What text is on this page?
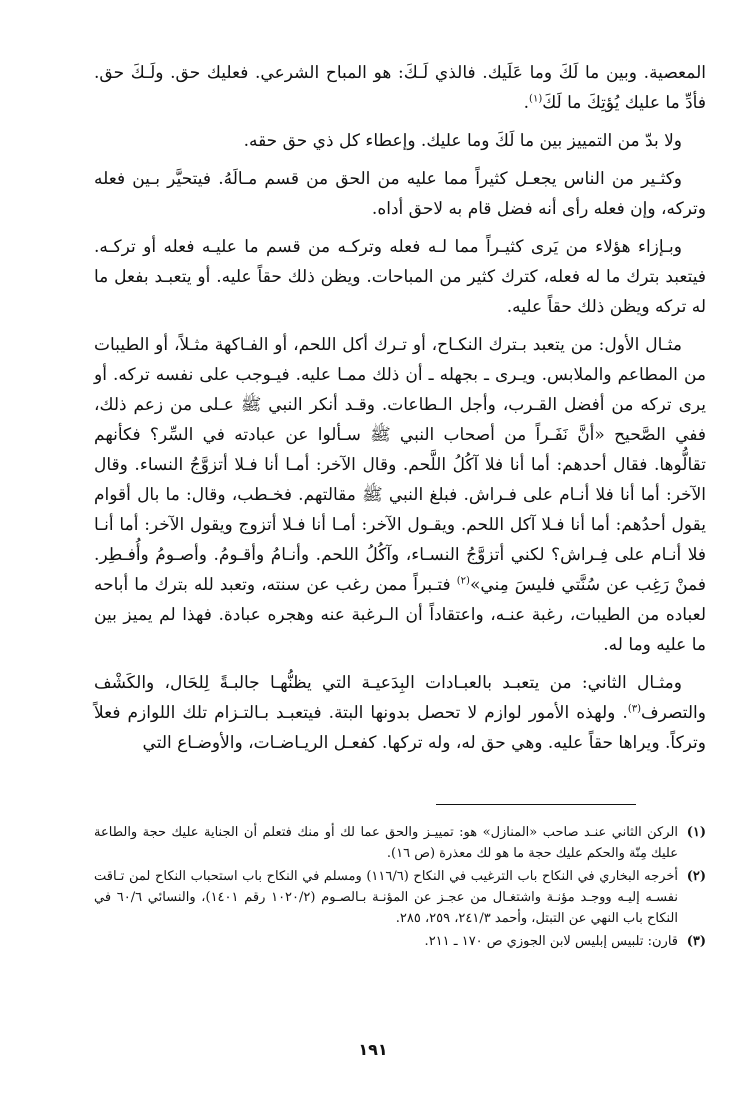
المعصية. وبين ما لَكَ وما عَلَيك. فالذي لَـكَ: هو المباح الشرعي. فعليك حق. ولَـكَ حق. فأدِّ ما عليك يُؤتِكَ ما لَكَ$^{(١)}$.

ولا بدّ من التمييز بين ما لَكَ وما عليك. وإعطاء كل ذي حق حقه.

وكثـير من الناس يجعـل كثيراً مما عليه من الحق من قسم مـالَهُ. فيتحيَّر بـين فعله وتركه، وإن فعله رأى أنه فضل قام به لاحق أداه.

وبـإزاء هؤلاء من يَرى كثيـراً مما لـه فعله وتركـه من قسم ما عليـه فعله أو تركـه. فيتعبد بترك ما له فعله، كترك كثير من المباحات. ويظن ذلك حقاً عليه. أو يتعبـد بفعل ما له تركه ويظن ذلك حقاً عليه.

مثـال الأول: من يتعبد بـترك النكـاح، أو تـرك أكل اللحم، أو الفـاكهة مثـلاً، أو الطيبات من المطاعم والملابس. ويـرى ـ بجهله ـ أن ذلك ممـا عليه. فيـوجب على نفسه تركه. أو يرى تركه من أفضل القـرب، وأجل الـطاعات. وقـد أنكر النبي ﷺ عـلى من زعم ذلك، ففي الصَّحيح «أنَّ نَفَـراً من أصحاب النبي ﷺ سـألوا عن عبادته في السِّر؟ فكأنهم تقالُّوها. فقال أحدهم: أما أنا فلا آكُلُ اللَّحم. وقال الآخر: أمـا أنا فـلا أتزوَّجُ النساء. وقال الآخر: أما أنا فلا أنـام على فـراش. فبلغ النبي ﷺ مقالتهم. فخـطب، وقال: ما بال أقوام يقول أحدُهم: أما أنا فـلا آكل اللحم. ويقـول الآخر: أمـا أنا فـلا أتزوج ويقول الآخر: أما أنـا فلا أنـام على فِـراش؟ لكني أتزوَّجُ النسـاء، وآكُلُ اللحم. وأنـامُ وأقـومُ. وأصـومُ وأُفـطِر. فمنْ رَغِب عن سُنَّتي فليسَ مِني»$^{(٢)}$ فتـبراً ممن رغب عن سنته، وتعبد لله بترك ما أباحه لعباده من الطيبات، رغبة عنـه، واعتقاداً أن الـرغبة عنه وهجره عبادة. فهذا لم يميز بين ما عليه وما له.

ومثـال الثاني: من يتعبـد بالعبـادات البِدَعيـة التي يظنُّهـا جالبـةً لِلحَال، والكَشْف والتصرف$^{(٣)}$. ولهذه الأمور لوازم لا تحصل بدونها البتة. فيتعبـد بـالتـزام تلك اللوازم فعلاً وتركاً. ويراها حقاً عليه. وهي حق له، وله تركها. كفعـل الريـاضـات، والأوضـاع التي

(١)
الركن الثاني عنـد صاحب «المنازل» هو: تمييـز والحق عما لك أو منك فتعلم أن الجناية عليك حجة والطاعة عليك مِنّة والحكم عليك حجة ما هو لك معذرة (ص ١٦).
(٢)
أخرجه البخاري في النكاح باب الترغيب في النكاح (١١٦/٦) ومسلم في النكاح باب استحباب النكاح لمن تـاقت نفسـه إليـه ووجـد مؤنـة واشتغـال من عجـز عن المؤنـة بـالصـوم (١٠٢٠/٢ رقم ١٤٠١)، والنسائي ٦٠/٦ في النكاح باب النهي عن التبتل، وأحمد ٢٤١/٣، ٢٥٩، ٢٨٥.
(٣)
قارن: تلبيس إبليس لابن الجوزي ص ١٧٠ ـ ٢١١.
١٩١
